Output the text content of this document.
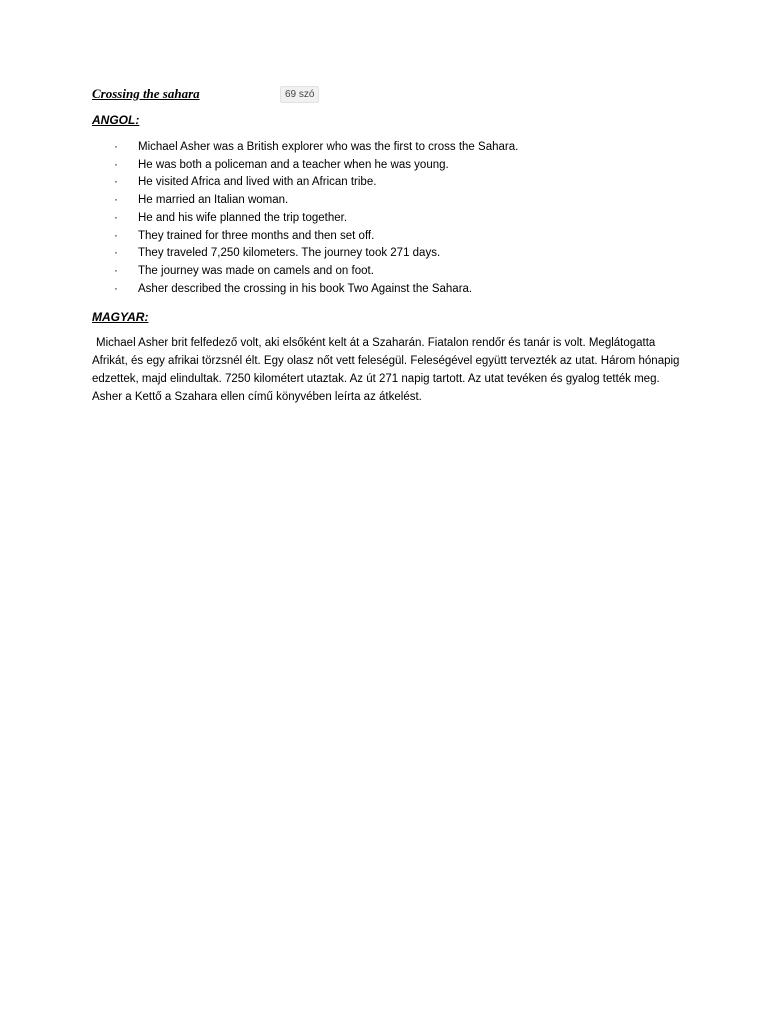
Crossing the sahara	69 szó
ANGOL:
· Michael Asher was a British explorer who was the first to cross the Sahara.
· He was both a policeman and a teacher when he was young.
· He visited Africa and lived with an African tribe.
· He married an Italian woman.
· He and his wife planned the trip together.
· They trained for three months and then set off.
· They traveled 7,250 kilometers. The journey took 271 days.
· The journey was made on camels and on foot.
· Asher described the crossing in his book Two Against the Sahara.
MAGYAR:

Michael Asher brit felfedező volt, aki elsőként kelt át a Szaharán. Fiatalon rendőr és tanár is volt. Meglátogatta Afrikát, és egy afrikai törzsnél élt. Egy olasz nőt vett feleségül. Feleségével együtt tervezték az utat. Három hónapig edzettek, majd elindultak. 7250 kilométert utaztak. Az út 271 napig tartott. Az utat tevéken és gyalog tették meg. Asher a Kettő a Szahara ellen című könyvében leírta az átkelést.
